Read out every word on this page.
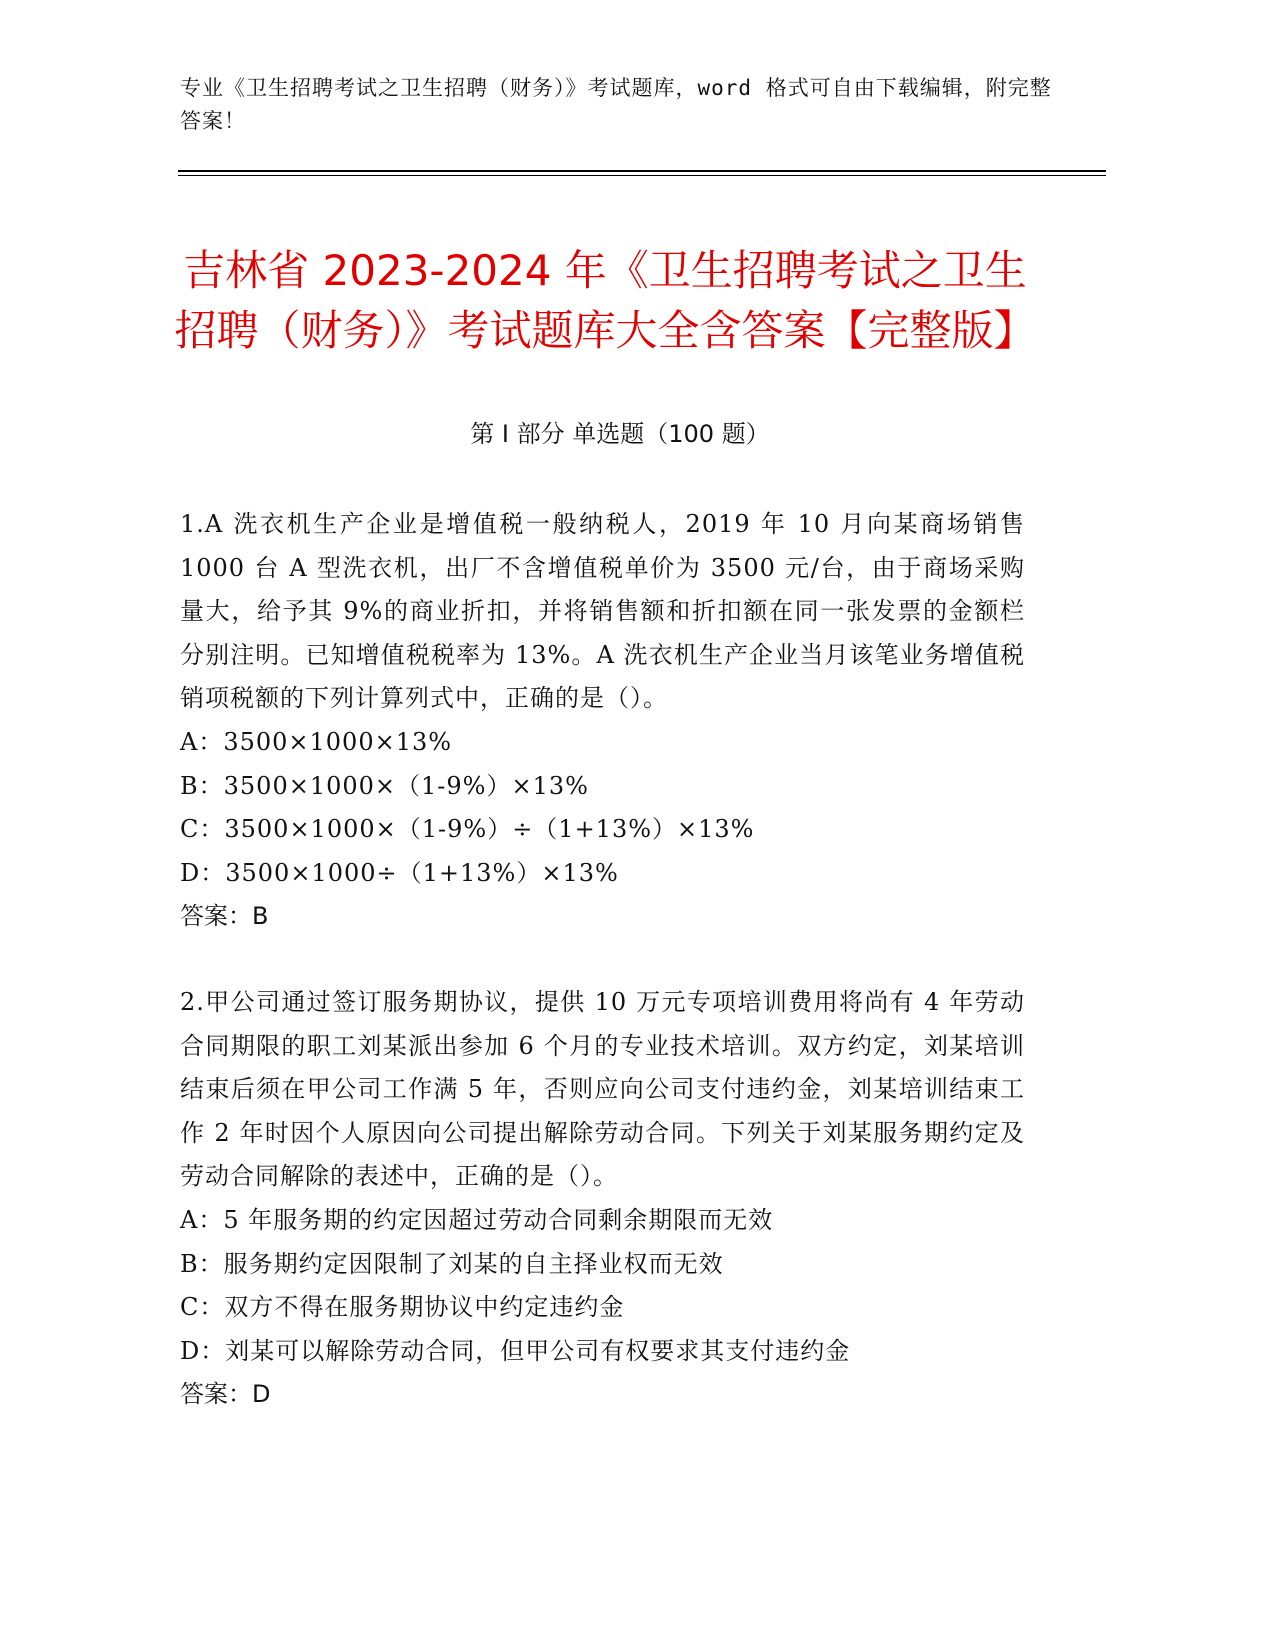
专业《卫生招聘考试之卫生招聘（财务）》考试题库，word 格式可自由下载编辑，附完整答案！
吉林省 2023-2024 年《卫生招聘考试之卫生招聘（财务）》考试题库大全含答案【完整版】
第 I 部分 单选题（100 题）

1.A 洗衣机生产企业是增值税一般纳税人，2019 年 10 月向某商场销售 1000 台 A 型洗衣机，出厂不含增值税单价为 3500 元/台，由于商场采购量大，给予其 9%的商业折扣，并将销售额和折扣额在同一张发票的金额栏分别注明。已知增值税税率为 13%。A 洗衣机生产企业当月该笔业务增值税销项税额的下列计算列式中，正确的是（）。

A：3500×1000×13%

B：3500×1000×（1-9%）×13%

C：3500×1000×（1-9%）÷（1+13%）×13%

D：3500×1000÷（1+13%）×13%

答案：B

2.甲公司通过签订服务期协议，提供 10 万元专项培训费用将尚有 4 年劳动合同期限的职工刘某派出参加 6 个月的专业技术培训。双方约定，刘某培训结束后须在甲公司工作满 5 年，否则应向公司支付违约金，刘某培训结束工作 2 年时因个人原因向公司提出解除劳动合同。下列关于刘某服务期约定及劳动合同解除的表述中，正确的是（）。

A：5 年服务期的约定因超过劳动合同剩余期限而无效

B：服务期约定因限制了刘某的自主择业权而无效

C：双方不得在服务期协议中约定违约金

D：刘某可以解除劳动合同，但甲公司有权要求其支付违约金

答案：D
